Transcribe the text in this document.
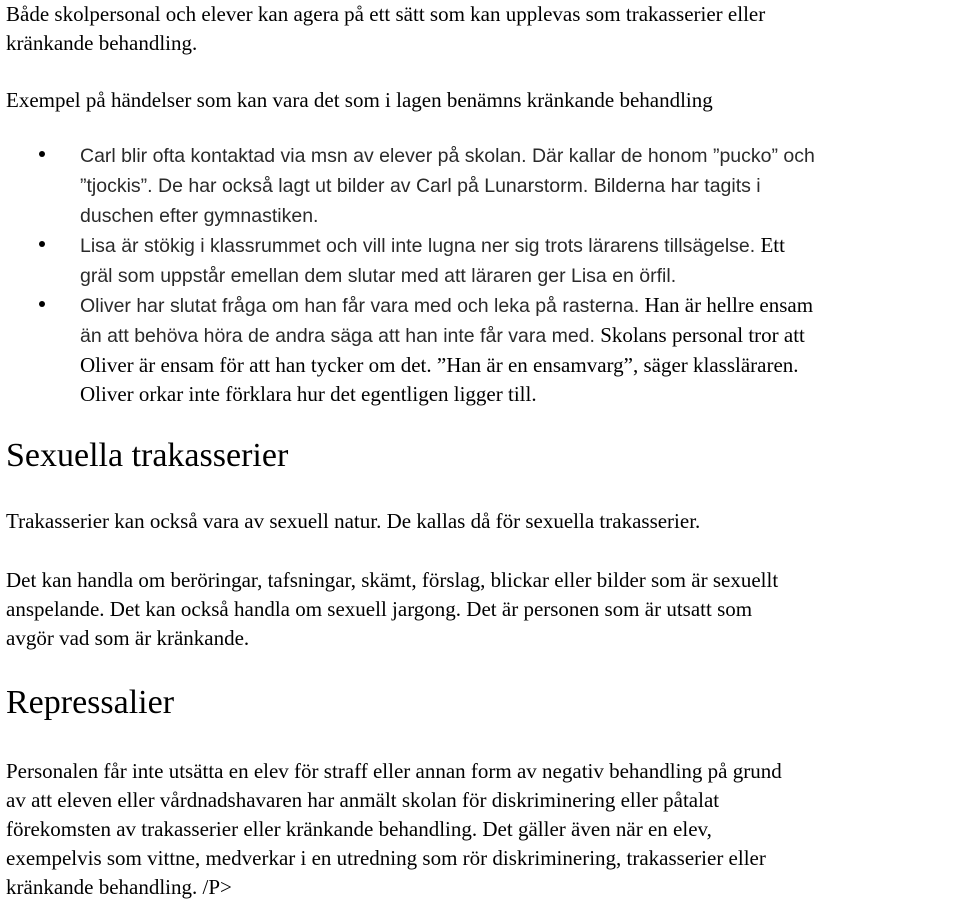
Både skolpersonal och elever kan agera på ett sätt som kan upplevas som trakasserier eller
kränkande behandling.

Exempel på händelser som kan vara det som i lagen benämns kränkande behandling

Carl blir ofta kontaktad via msn av elever på skolan. Där kallar de honom ”pucko” och
”tjockis”. De har också lagt ut bilder av Carl på Lunarstorm. Bilderna har tagits i
duschen efter gymnastiken.
Lisa är stökig i klassrummet och vill inte lugna ner sig trots lärarens tillsägelse. Ett
gräl som uppstår emellan dem slutar med att läraren ger Lisa en örfil.
Oliver har slutat fråga om han får vara med och leka på rasterna. Han är hellre ensam
än att behöva höra de andra säga att han inte får vara med. Skolans personal tror att
Oliver är ensam för att han tycker om det. ”Han är en ensamvarg”, säger klassläraren.
Oliver orkar inte förklara hur det egentligen ligger till.
Sexuella trakasserier

Trakasserier kan också vara av sexuell natur. De kallas då för sexuella trakasserier.

Det kan handla om beröringar, tafsningar, skämt, förslag, blickar eller bilder som är sexuellt
anspelande. Det kan också handla om sexuell jargong. Det är personen som är utsatt som
avgör vad som är kränkande.

Repressalier

Personalen får inte utsätta en elev för straff eller annan form av negativ behandling på grund
av att eleven eller vårdnadshavaren har anmält skolan för diskriminering eller påtalat
förekomsten av trakasserier eller kränkande behandling. Det gäller även när en elev,
exempelvis som vittne, medverkar i en utredning som rör diskriminering, trakasserier eller
kränkande behandling. /P>
